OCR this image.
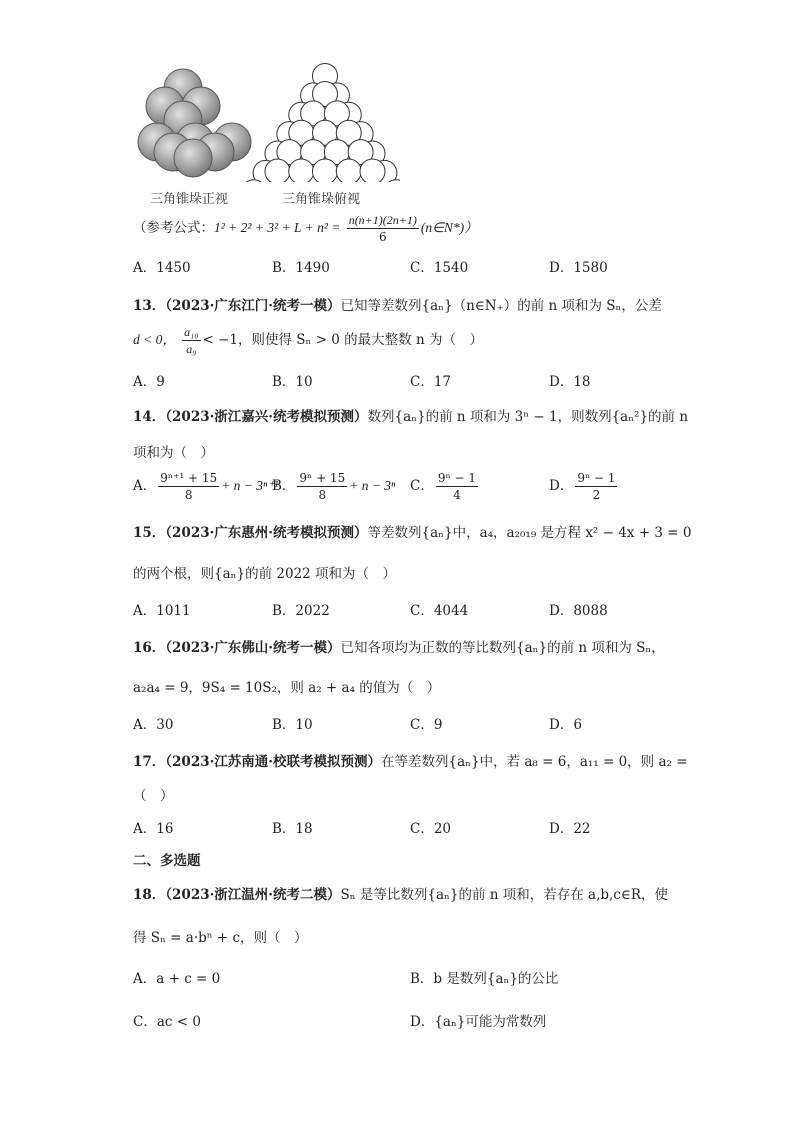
三角锥垛正视	三角锥垛俯视
（参考公式：$1^2 + 2^2 + 3^2 + L + n^2 = \frac{n(n+1)(2n+1)}{6}$ (n∈N*)）
A．1450	B．1490	C．1540	D．1580
13．（2023·广东江门·统考一模）已知等差数列{aₙ}（n∈N₊）的前 n 项和为 Sₙ，公差
d < 0， $\frac{\text{a₁₀}}{\text{a₉}} < -1$，则使得 Sₙ > 0 的最大整数 n 为（　）
A．9	B．10	C．17	D．18
14．（2023·浙江嘉兴·统考模拟预测）数列{aₙ}的前 n 项和为 3ⁿ − 1，则数列{aₙ²}的前 n
项和为（　）
A． $\frac{\text{9ⁿ⁺¹ + 15}}{8} + n - 3^{n+1}$
B． $\frac{\text{9ⁿ + 15}}{8} + n - 3^n$ C． $\frac{\text{9ⁿ − 1}}{4}$	D． $\frac{\text{9ⁿ − 1}}{2}$
15．（2023·广东惠州·统考模拟预测）等差数列{aₙ}中，a₄，a₂₀₁₉ 是方程 x² − 4x + 3 = 0
的两个根，则{aₙ}的前 2022 项和为（　）
A．1011	B．2022	C．4044	D．8088
16．（2023·广东佛山·统考一模）已知各项均为正数的等比数列{aₙ}的前 n 项和为 Sₙ，
a₂a₄ = 9，9S₄ = 10S₂，则 a₂ + a₄ 的值为（　）
A．30	B．10	C．9	D．6
17．（2023·江苏南通·校联考模拟预测）在等差数列{aₙ}中，若 a₈ = 6，a₁₁ = 0，则 a₂ =
（　）
A．16	B．18	C．20	D．22
二、多选题
18．（2023·浙江温州·统考二模）Sₙ 是等比数列{aₙ}的前 n 项和，若存在 a,b,c∈R，使
得 Sₙ = a·bⁿ + c，则（　）
A．a + c = 0	B．b 是数列{aₙ}的公比
C．ac < 0	D．{aₙ}可能为常数列
